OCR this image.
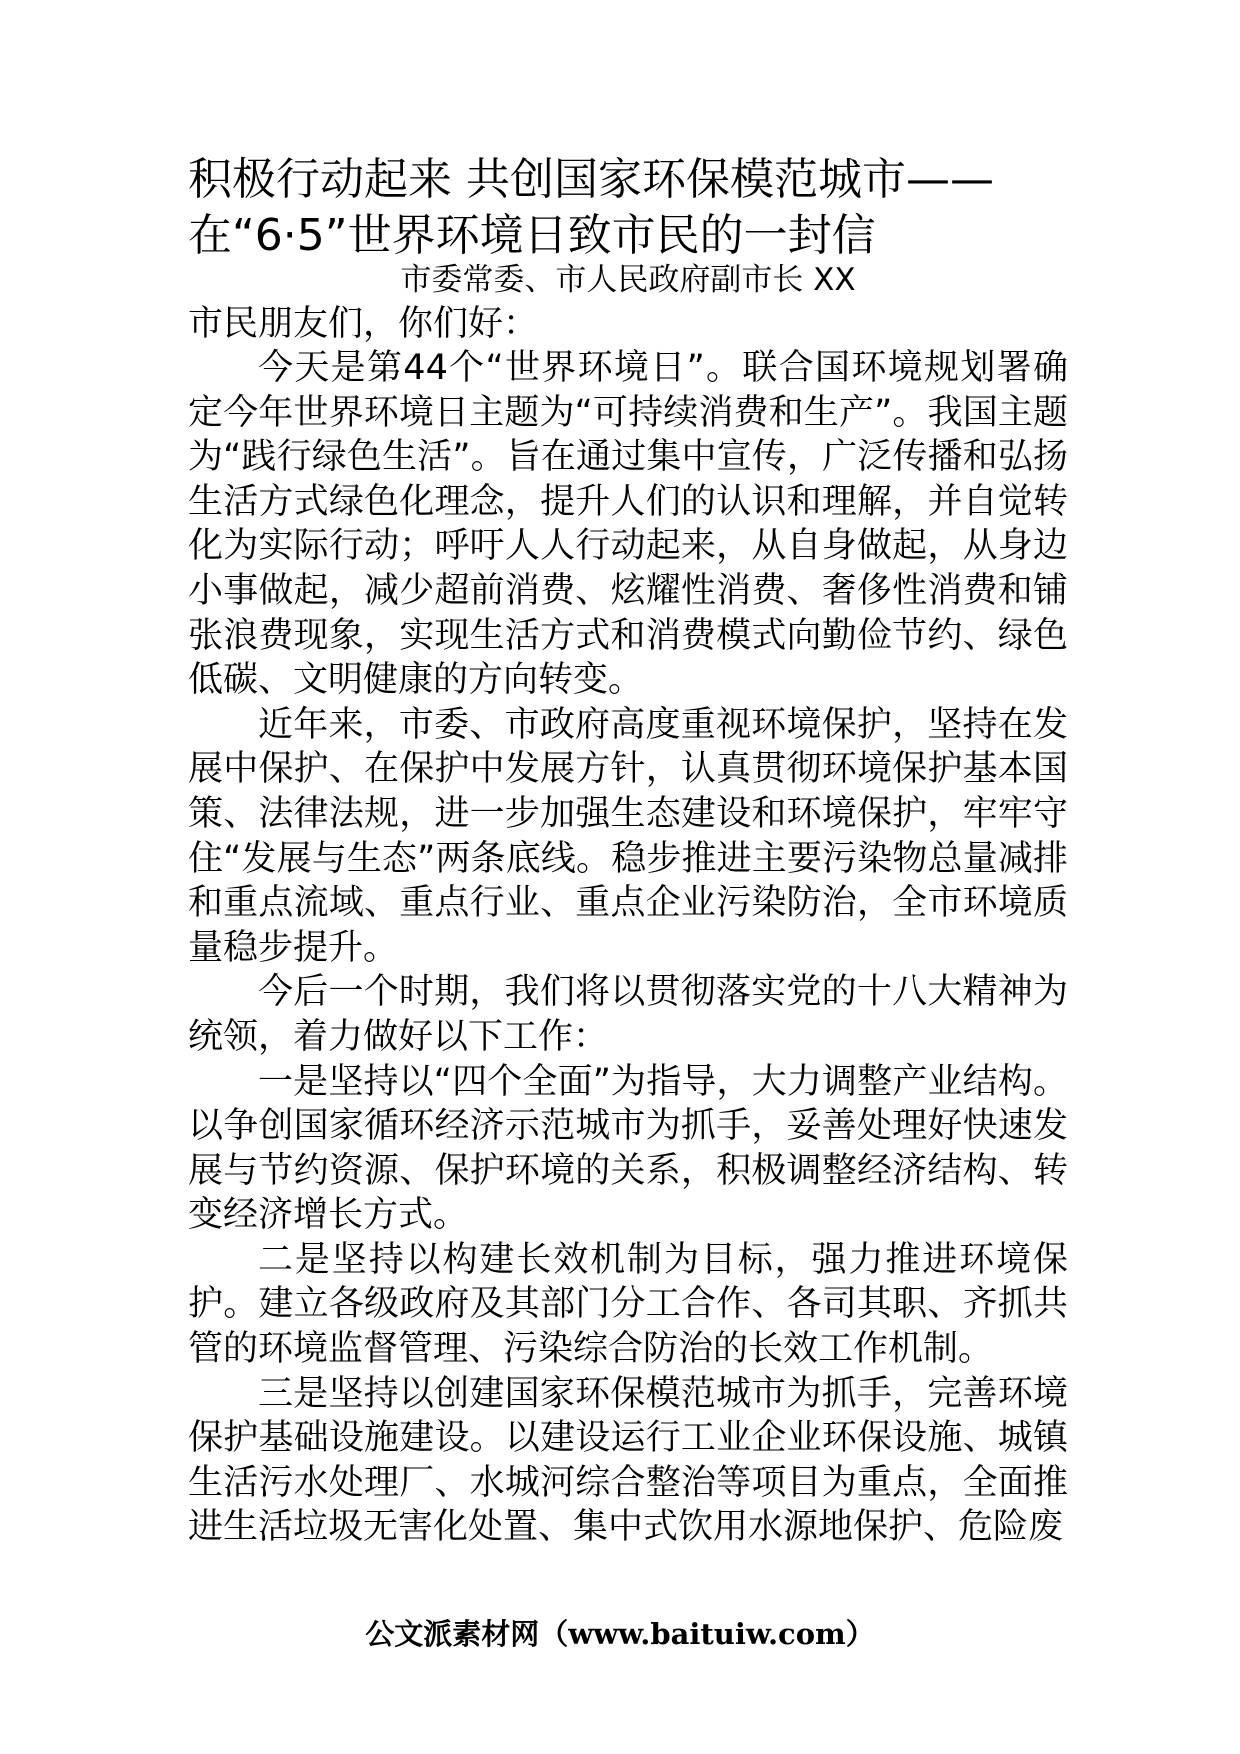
积极行动起来 共创国家环保模范城市——
在“6·5”世界环境日致市民的一封信
市委常委、市人民政府副市长 XX
市民朋友们，你们好：

今天是第44个“世界环境日”。联合国环境规划署确定今年世界环境日主题为“可持续消费和生产”。我国主题为“践行绿色生活”。旨在通过集中宣传，广泛传播和弘扬生活方式绿色化理念，提升人们的认识和理解，并自觉转化为实际行动；呼吁人人行动起来，从自身做起，从身边小事做起，减少超前消费、炫耀性消费、奢侈性消费和铺张浪费现象，实现生活方式和消费模式向勤俭节约、绿色低碳、文明健康的方向转变。

近年来，市委、市政府高度重视环境保护，坚持在发展中保护、在保护中发展方针，认真贯彻环境保护基本国策、法律法规，进一步加强生态建设和环境保护，牢牢守住“发展与生态”两条底线。稳步推进主要污染物总量减排和重点流域、重点行业、重点企业污染防治，全市环境质量稳步提升。

今后一个时期，我们将以贯彻落实党的十八大精神为统领，着力做好以下工作：

一是坚持以“四个全面”为指导，大力调整产业结构。以争创国家循环经济示范城市为抓手，妥善处理好快速发展与节约资源、保护环境的关系，积极调整经济结构、转变经济增长方式。

二是坚持以构建长效机制为目标，强力推进环境保护。建立各级政府及其部门分工合作、各司其职、齐抓共管的环境监督管理、污染综合防治的长效工作机制。

三是坚持以创建国家环保模范城市为抓手，完善环境保护基础设施建设。以建设运行工业企业环保设施、城镇生活污水处理厂、水城河综合整治等项目为重点，全面推进生活垃圾无害化处置、集中式饮用水源地保护、危险废

公文派素材网（www.baituiw.com）
